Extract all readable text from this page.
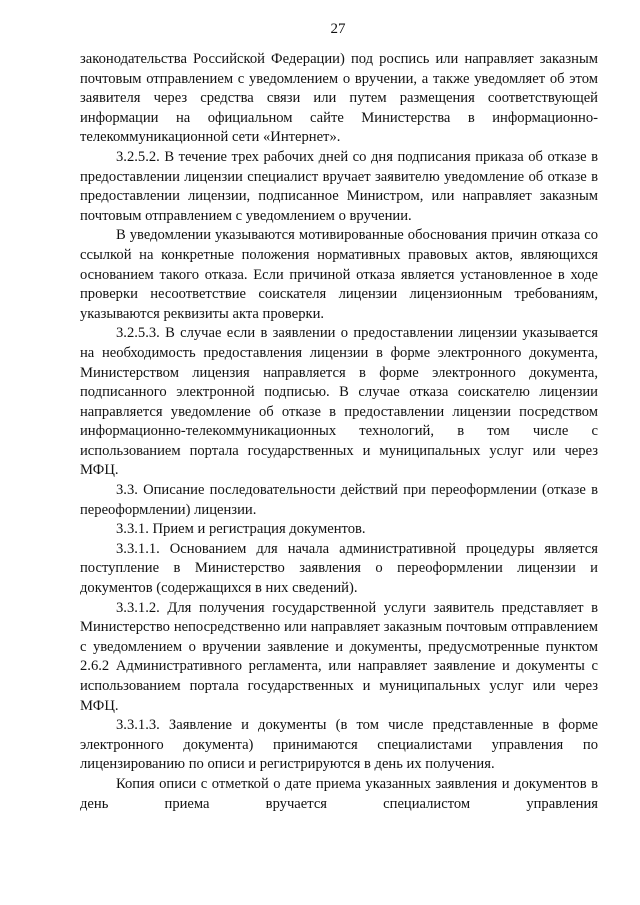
27

законодательства Российской Федерации) под роспись или направляет заказным почтовым отправлением с уведомлением о вручении, а также уведомляет об этом заявителя через средства связи или путем размещения соответствующей информации на официальном сайте Министерства в информационно-телекоммуникационной сети «Интернет».

3.2.5.2. В течение трех рабочих дней со дня подписания приказа об отказе в предоставлении лицензии специалист вручает заявителю уведомление об отказе в предоставлении лицензии, подписанное Министром, или направляет заказным почтовым отправлением с уведомлением о вручении.

В уведомлении указываются мотивированные обоснования причин отказа со ссылкой на конкретные положения нормативных правовых актов, являющихся основанием такого отказа. Если причиной отказа является установленное в ходе проверки несоответствие соискателя лицензии лицензионным требованиям, указываются реквизиты акта проверки.

3.2.5.3. В случае если в заявлении о предоставлении лицензии указывается на необходимость предоставления лицензии в форме электронного документа, Министерством лицензия направляется в форме электронного документа, подписанного электронной подписью. В случае отказа соискателю лицензии направляется уведомление об отказе в предоставлении лицензии посредством информационно-телекоммуникационных технологий, в том числе с использованием портала государственных и муниципальных услуг или через МФЦ.

3.3. Описание последовательности действий при переоформлении (отказе в переоформлении) лицензии.

3.3.1. Прием и регистрация документов.

3.3.1.1. Основанием для начала административной процедуры является поступление в Министерство заявления о переоформлении лицензии и документов (содержащихся в них сведений).

3.3.1.2. Для получения государственной услуги заявитель представляет в Министерство непосредственно или направляет заказным почтовым отправлением с уведомлением о вручении заявление и документы, предусмотренные пунктом 2.6.2 Административного регламента, или направляет заявление и документы с использованием портала государственных и муниципальных услуг или через МФЦ.

3.3.1.3. Заявление и документы (в том числе представленные в форме электронного документа) принимаются специалистами управления по лицензированию по описи и регистрируются в день их получения.

Копия описи с отметкой о дате приема указанных заявления и документов в день приема вручается специалистом управления
